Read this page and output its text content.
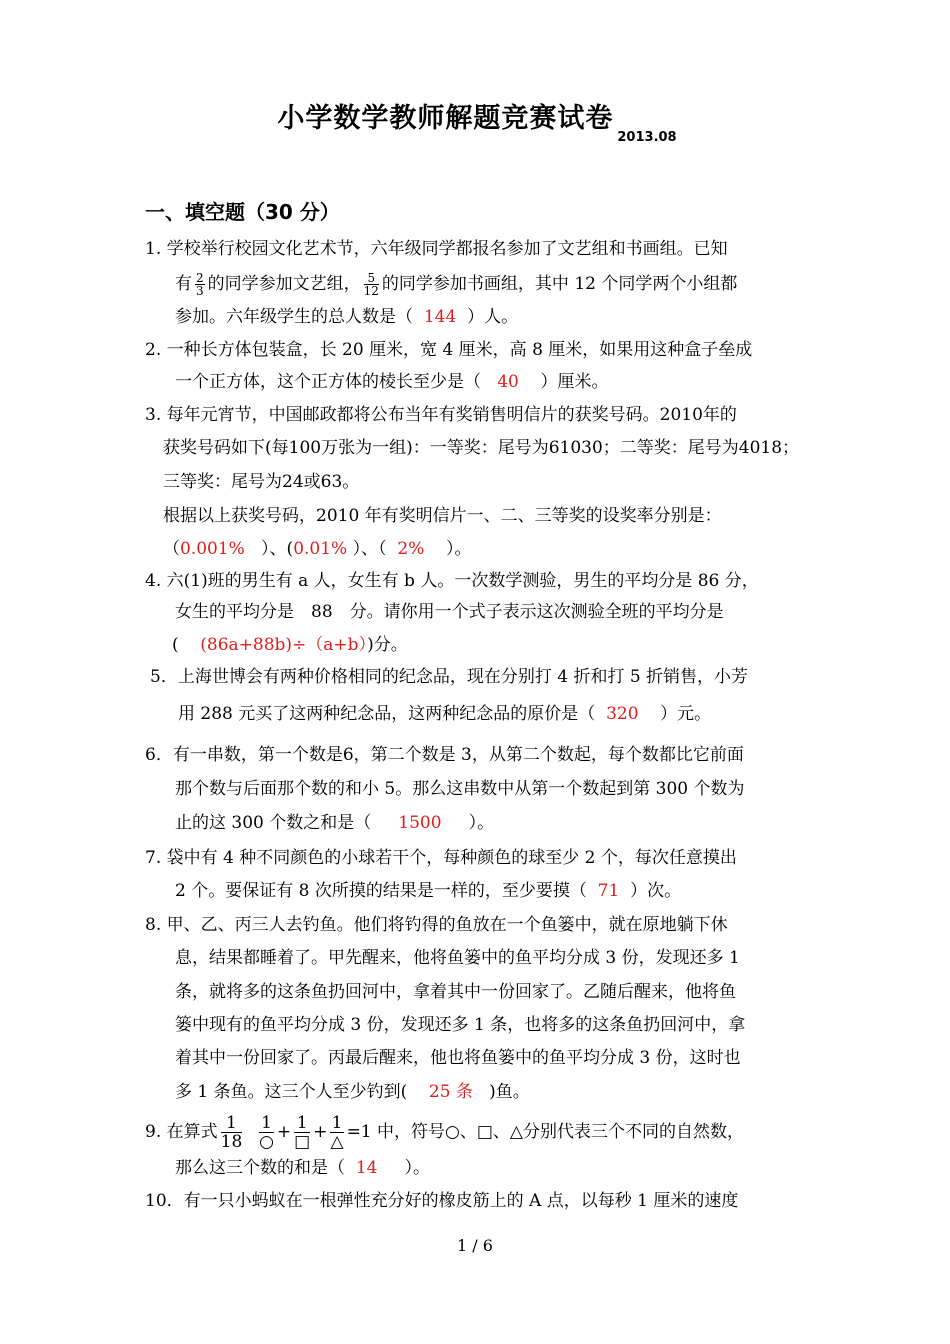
小学数学教师解题竞赛试卷$_{2013.08}$
一、填空题（30 分）
1. 学校举行校园文化艺术节，六年级同学都报名参加了文艺组和书画组。已知
有 $\frac{2}{3}$ 的同学参加文艺组， $\frac{5}{12}$ 的同学参加书画组，其中 12 个同学两个小组都
参加。六年级学生的总人数是（ 144 ）人。
2. 一种长方体包装盒，长 20 厘米，宽 4 厘米，高 8 厘米，如果用这种盒子垒成
一个正方体，这个正方体的棱长至少是（ 40 ）厘米。
3. 每年元宵节，中国邮政都将公布当年有奖销售明信片的获奖号码。2010年的
获奖号码如下(每100万张为一组)：一等奖：尾号为61030；二等奖：尾号为4018；
三等奖：尾号为24或63。
根据以上获奖号码，2010 年有奖明信片一、二、三等奖的设奖率分别是：
（0.001% ）、(0.01% ）、（ 2% ）。
4. 六(1)班的男生有 a 人，女生有 b 人。一次数学测验，男生的平均分是 86 分，
女生的平均分是　88　分。请你用一个式子表示这次测验全班的平均分是
( (86a+88b)÷（a+b）)分。
5．上海世博会有两种价格相同的纪念品，现在分别打 4 折和打 5 折销售，小芳
用 288 元买了这两种纪念品，这两种纪念品的原价是（ 320 ）元。
6．有一串数，第一个数是6，第二个数是 3，从第二个数起，每个数都比它前面
那个数与后面那个数的和小 5。那么这串数中从第一个数起到第 300 个数为
止的这 300 个数之和是（ 1500 ）。
7. 袋中有 4 种不同颜色的小球若干个，每种颜色的球至少 2 个，每次任意摸出
2 个。要保证有 8 次所摸的结果是一样的，至少要摸（ 71 ）次。
8. 甲、乙、丙三人去钓鱼。他们将钓得的鱼放在一个鱼篓中，就在原地躺下休
息，结果都睡着了。甲先醒来，他将鱼篓中的鱼平均分成 3 份，发现还多 1
条，就将多的这条鱼扔回河中，拿着其中一份回家了。乙随后醒来，他将鱼
篓中现有的鱼平均分成 3 份，发现还多 1 条，也将多的这条鱼扔回河中，拿
着其中一份回家了。丙最后醒来，他也将鱼篓中的鱼平均分成 3 份，这时也
多 1 条鱼。这三个人至少钓到( 25 条 )鱼。
9. 在算式 $\frac{1}{18}$
$\frac{1}{○} + \frac{1}{□} + \frac{1}{\triangle} =1$ 中，符号○、□、△分别代表三个不同的自然数，
那么这三个数的和是（ 14 ）。
10．有一只小蚂蚁在一根弹性充分好的橡皮筋上的 A 点，以每秒 1 厘米的速度
1 / 6
